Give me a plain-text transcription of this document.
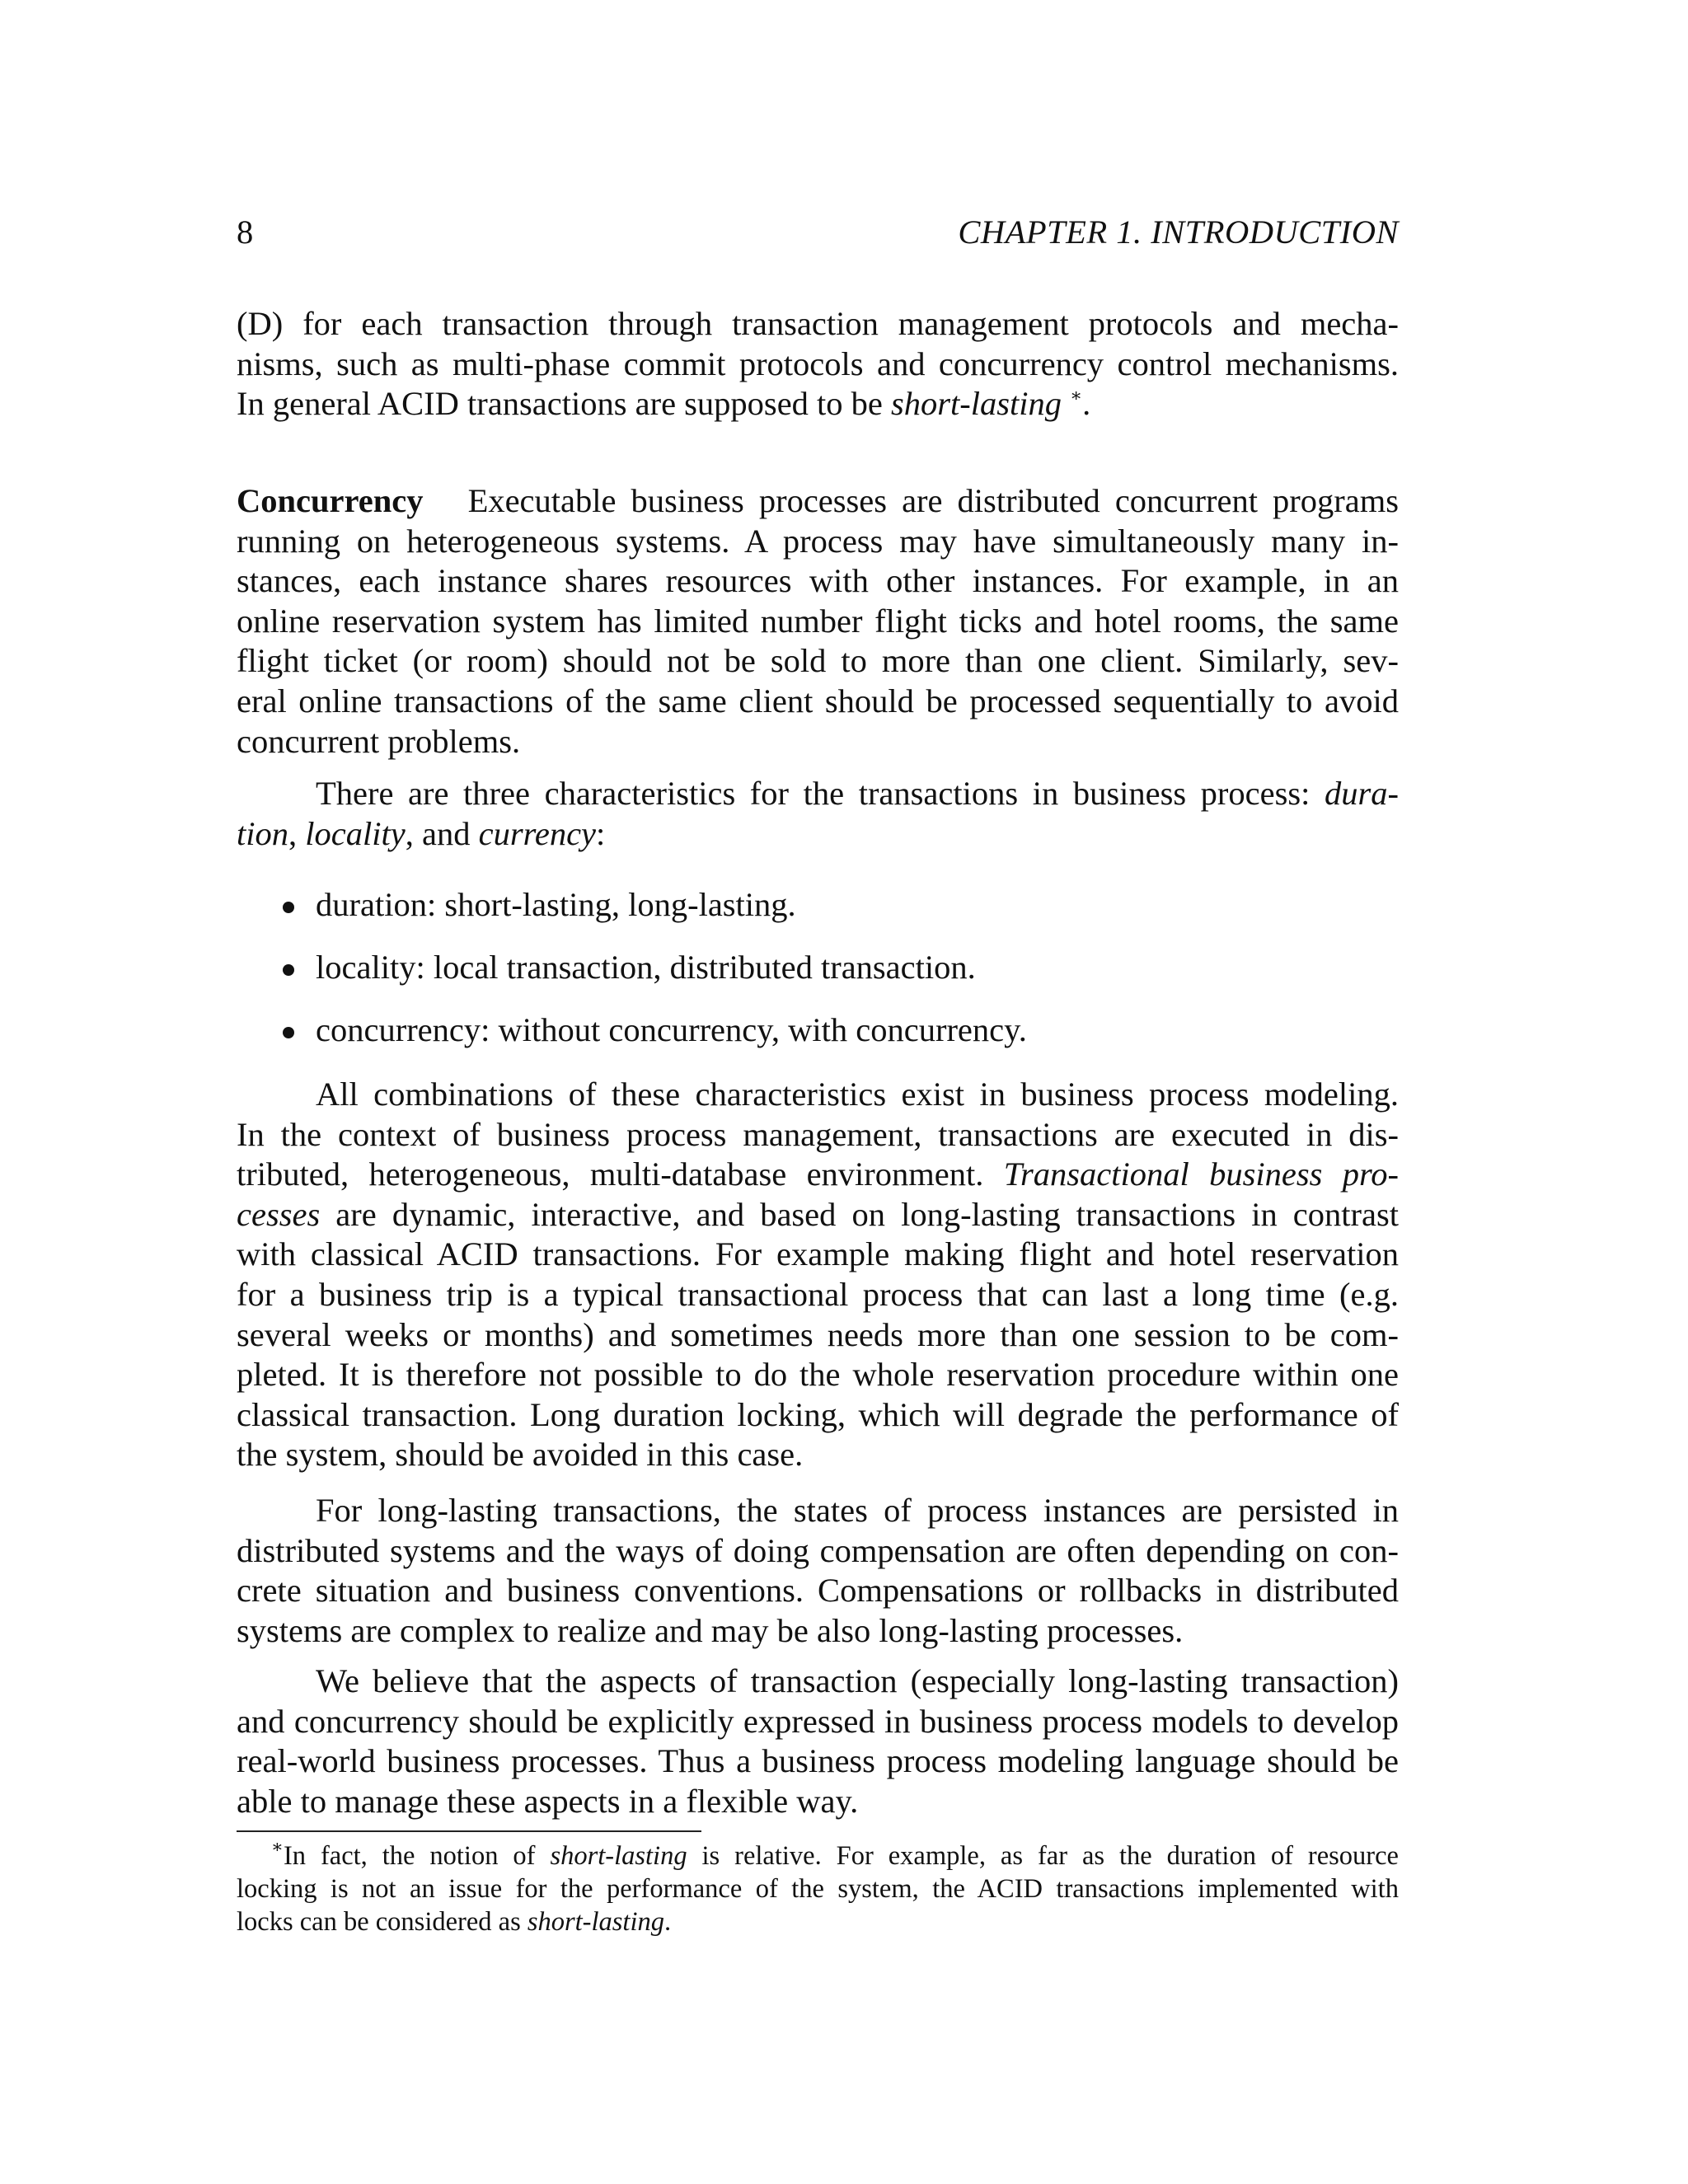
8	CHAPTER 1. INTRODUCTION
(D) for each transaction through transaction management protocols and mecha-
nisms, such as multi-phase commit protocols and concurrency control mechanisms.
In general ACID transactions are supposed to be short-lasting ∗.
Concurrency Executable business processes are distributed concurrent programs
running on heterogeneous systems. A process may have simultaneously many in-
stances, each instance shares resources with other instances. For example, in an
online reservation system has limited number flight ticks and hotel rooms, the same
flight ticket (or room) should not be sold to more than one client. Similarly, sev-
eral online transactions of the same client should be processed sequentially to avoid
concurrent problems.
There are three characteristics for the transactions in business process: dura-
tion, locality, and currency:
duration: short-lasting, long-lasting.
locality: local transaction, distributed transaction.
concurrency: without concurrency, with concurrency.
All combinations of these characteristics exist in business process modeling.
In the context of business process management, transactions are executed in dis-
tributed, heterogeneous, multi-database environment. Transactional business pro-
cesses are dynamic, interactive, and based on long-lasting transactions in contrast
with classical ACID transactions. For example making flight and hotel reservation
for a business trip is a typical transactional process that can last a long time (e.g.
several weeks or months) and sometimes needs more than one session to be com-
pleted. It is therefore not possible to do the whole reservation procedure within one
classical transaction. Long duration locking, which will degrade the performance of
the system, should be avoided in this case.
For long-lasting transactions, the states of process instances are persisted in
distributed systems and the ways of doing compensation are often depending on con-
crete situation and business conventions. Compensations or rollbacks in distributed
systems are complex to realize and may be also long-lasting processes.
We believe that the aspects of transaction (especially long-lasting transaction)
and concurrency should be explicitly expressed in business process models to develop
real-world business processes. Thus a business process modeling language should be
able to manage these aspects in a flexible way.
∗In fact, the notion of short-lasting is relative. For example, as far as the duration of resource
locking is not an issue for the performance of the system, the ACID transactions implemented with
locks can be considered as short-lasting.
